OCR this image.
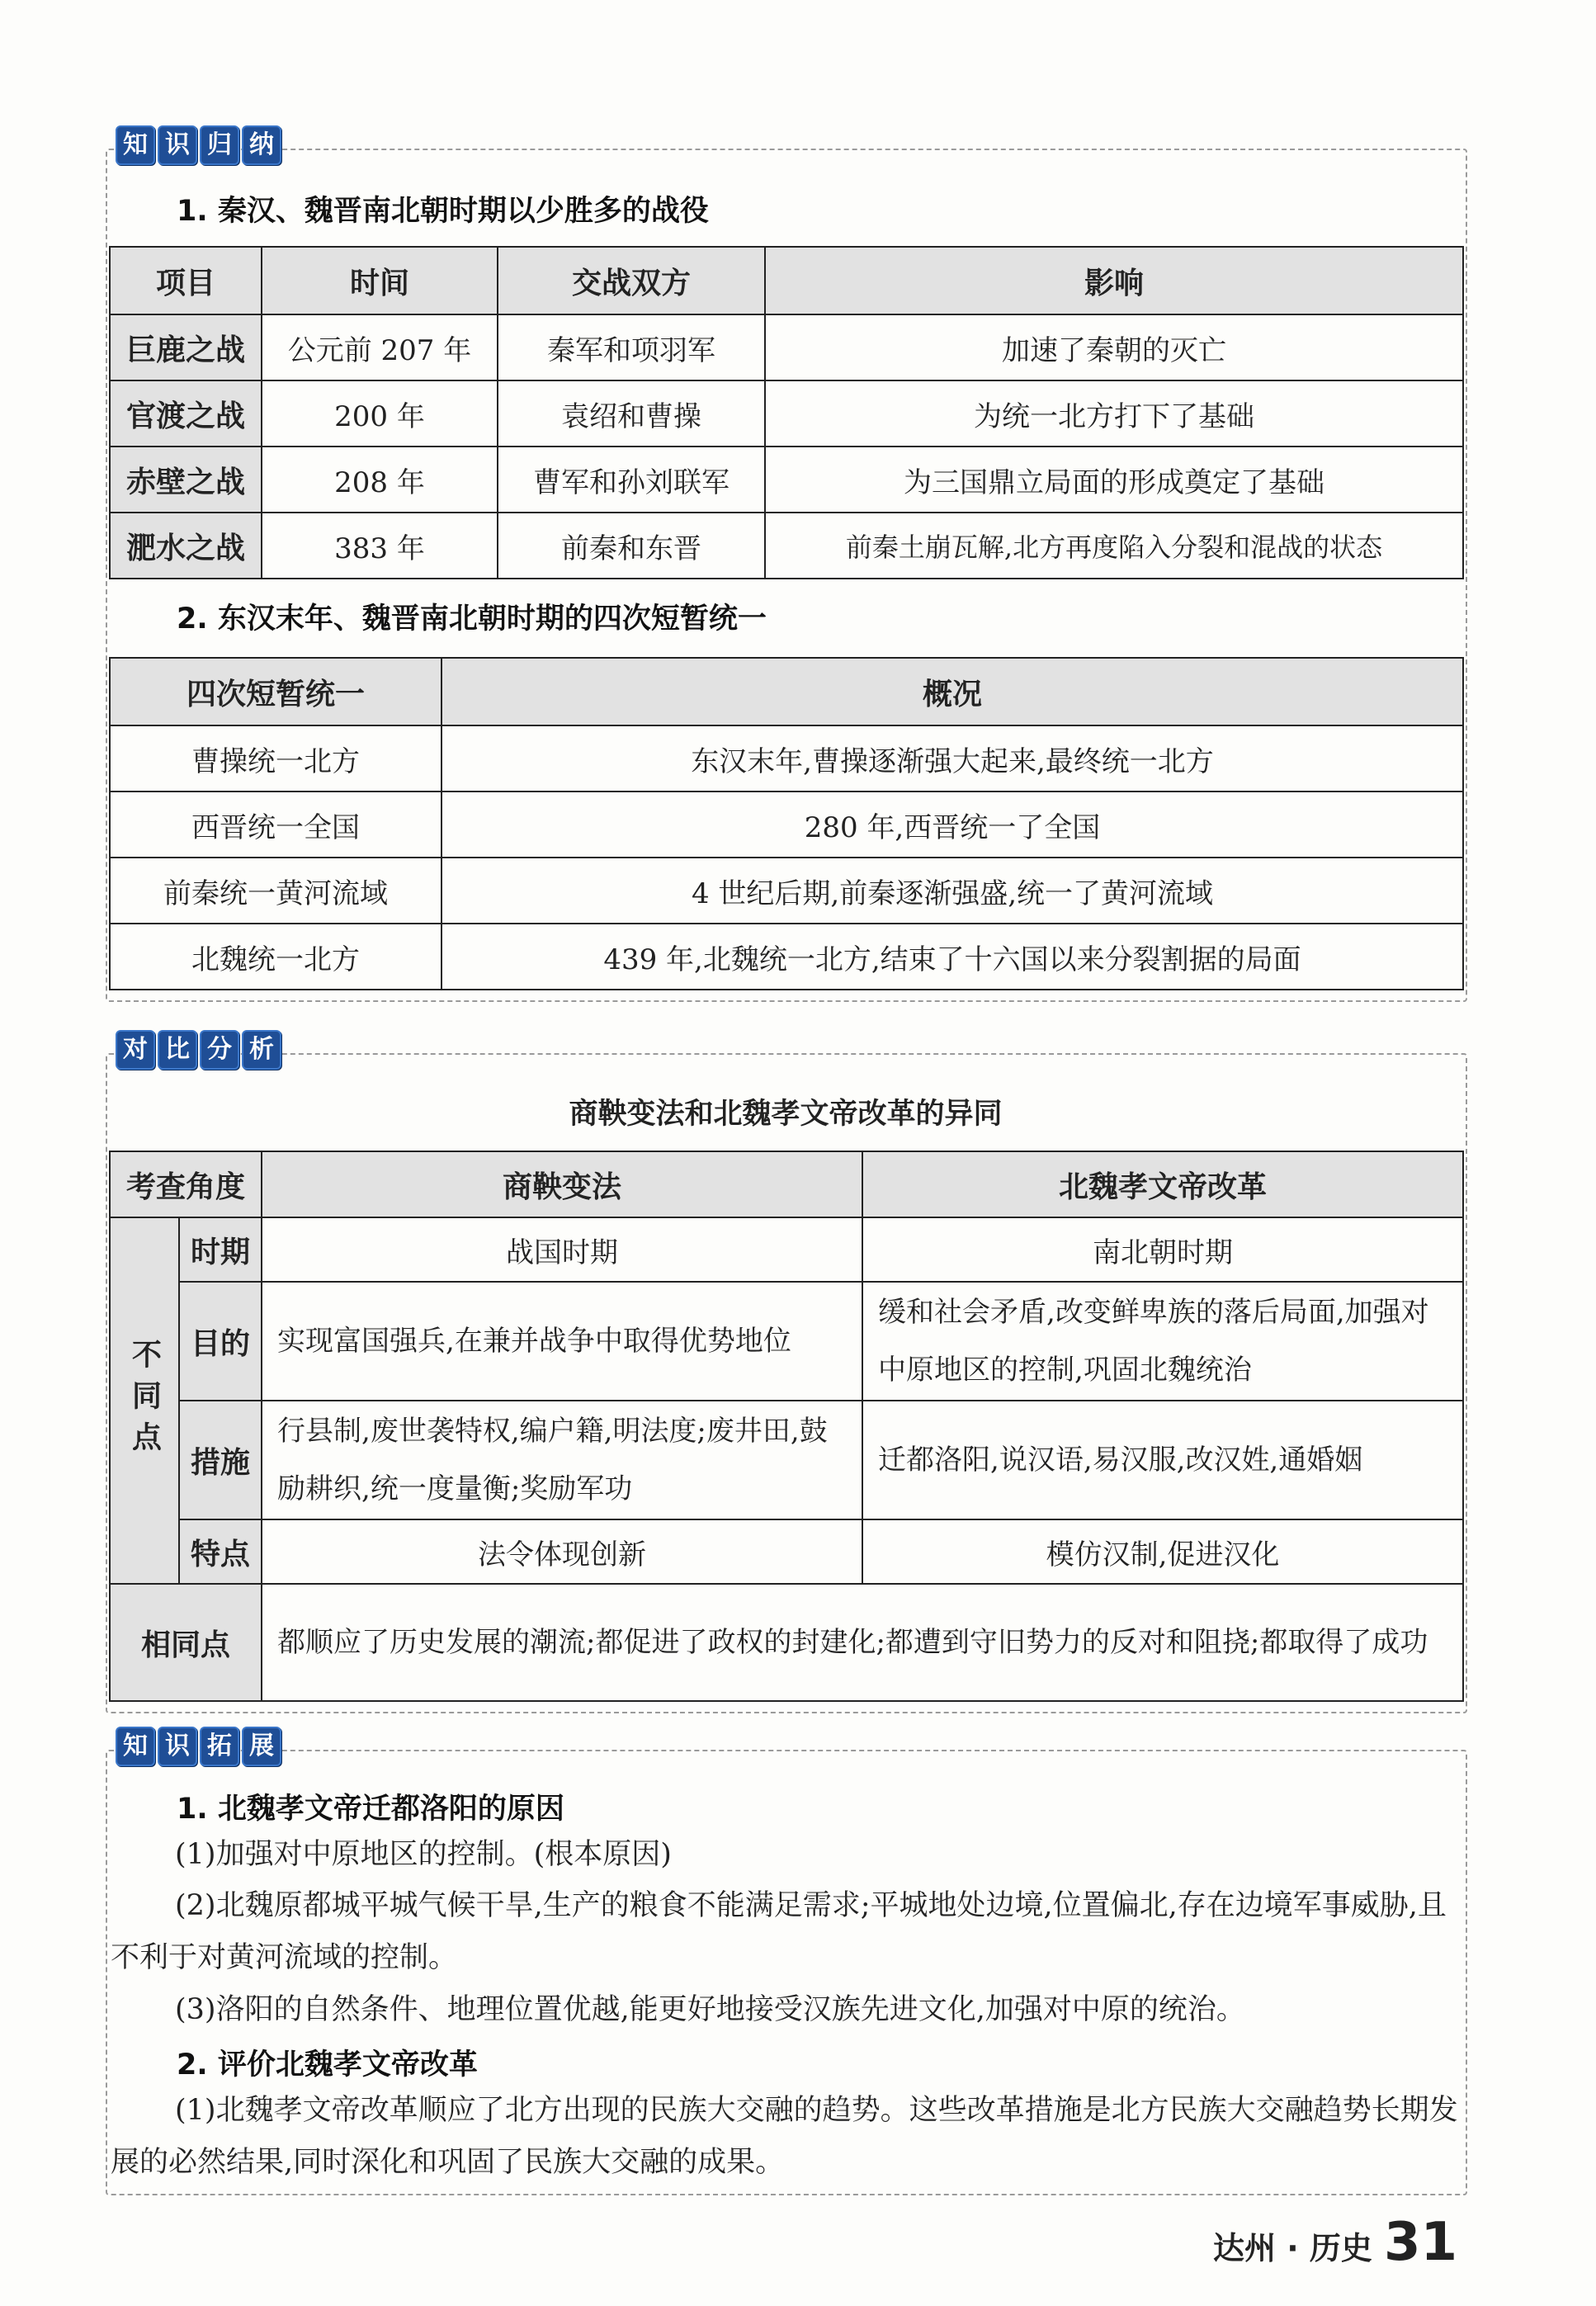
知 识 归 纳
1. 秦汉、魏晋南北朝时期以少胜多的战役
项目	时间	交战双方	影响
巨鹿之战	公元前 207 年	秦军和项羽军	加速了秦朝的灭亡
官渡之战	200 年	袁绍和曹操	为统一北方打下了基础
赤壁之战	208 年	曹军和孙刘联军	为三国鼎立局面的形成奠定了基础
淝水之战	383 年	前秦和东晋	前秦土崩瓦解,北方再度陷入分裂和混战的状态
2. 东汉末年、魏晋南北朝时期的四次短暂统一
四次短暂统一	概况
曹操统一北方	东汉末年,曹操逐渐强大起来,最终统一北方
西晋统一全国	280 年,西晋统一了全国
前秦统一黄河流域	4 世纪后期,前秦逐渐强盛,统一了黄河流域
北魏统一北方	439 年,北魏统一北方,结束了十六国以来分裂割据的局面
对 比 分 析
商鞅变法和北魏孝文帝改革的异同
考查角度		商鞅变法	北魏孝文帝改革
不同点	时期	战国时期	南北朝时期
	目的	实现富国强兵,在兼并战争中取得优势地位	缓和社会矛盾,改变鲜卑族的落后局面,加强对中原地区的控制,巩固北魏统治
	措施	行县制,废世袭特权,编户籍,明法度;废井田,鼓励耕织,统一度量衡;奖励军功	迁都洛阳,说汉语,易汉服,改汉姓,通婚姻
	特点	法令体现创新	模仿汉制,促进汉化
相同点		都顺应了历史发展的潮流;都促进了政权的封建化;都遭到守旧势力的反对和阻挠;都取得了成功	
知 识 拓 展
1. 北魏孝文帝迁都洛阳的原因
(1)加强对中原地区的控制。(根本原因)
(2)北魏原都城平城气候干旱,生产的粮食不能满足需求;平城地处边境,位置偏北,存在边境军事威胁,且不利于对黄河流域的控制。
(3)洛阳的自然条件、地理位置优越,能更好地接受汉族先进文化,加强对中原的统治。
2. 评价北魏孝文帝改革
(1)北魏孝文帝改革顺应了北方出现的民族大交融的趋势。这些改革措施是北方民族大交融趋势长期发展的必然结果,同时深化和巩固了民族大交融的成果。
达州 · 历史 31
